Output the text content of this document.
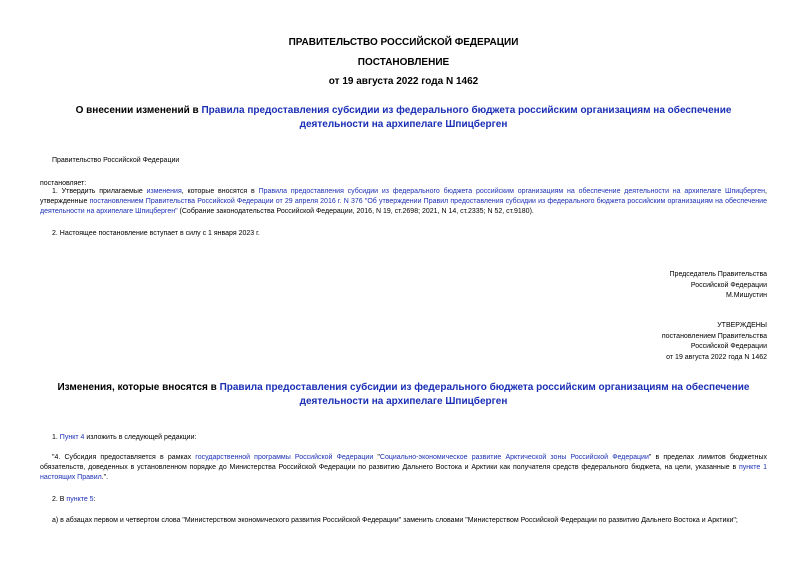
ПРАВИТЕЛЬСТВО РОССИЙСКОЙ ФЕДЕРАЦИИ
ПОСТАНОВЛЕНИЕ
от 19 августа 2022 года N 1462
О внесении изменений в Правила предоставления субсидии из федерального бюджета российским организациям на обеспечение деятельности на архипелаге Шпицберген
Правительство Российской Федерации
постановляет:
1. Утвердить прилагаемые изменения, которые вносятся в Правила предоставления субсидии из федерального бюджета российским организациям на обеспечение деятельности на архипелаге Шпицберген, утвержденные постановлением Правительства Российской Федерации от 29 апреля 2016 г. N 376 "Об утверждении Правил предоставления субсидии из федерального бюджета российским организациям на обеспечение деятельности на архипелаге Шпицберген" (Собрание законодательства Российской Федерации, 2016, N 19, ст.2698; 2021, N 14, ст.2335; N 52, ст.9180).
2. Настоящее постановление вступает в силу с 1 января 2023 г.
Председатель Правительства
Российской Федерации
М.Мишустин
УТВЕРЖДЕНЫ
постановлением Правительства
Российской Федерации
от 19 августа 2022 года N 1462
Изменения, которые вносятся в Правила предоставления субсидии из федерального бюджета российским организациям на обеспечение деятельности на архипелаге Шпицберген
1. Пункт 4 изложить в следующей редакции:
"4. Субсидия предоставляется в рамках государственной программы Российской Федерации "Социально-экономическое развитие Арктической зоны Российской Федерации" в пределах лимитов бюджетных обязательств, доведенных в установленном порядке до Министерства Российской Федерации по развитию Дальнего Востока и Арктики как получателя средств федерального бюджета, на цели, указанные в пункте 1 настоящих Правил.".
2. В пункте 5:
а) в абзацах первом и четвертом слова "Министерством экономического развития Российской Федерации" заменить словами "Министерством Российской Федерации по развитию Дальнего Востока и Арктики";
